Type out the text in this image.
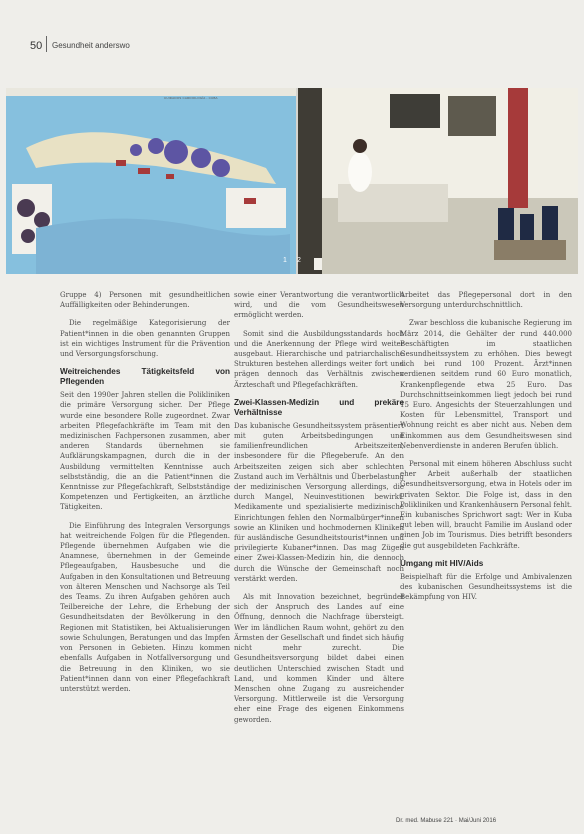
50 Gesundheit anderswo
CUIDADOS CARDIOLOGÍA - CUBA
1	2

Gruppe 4) Personen mit gesundheitlichen Auffälligkeiten oder Behinderungen.

Die regelmäßige Kategorisierung der Patient*innen in die oben genannten Gruppen ist ein wichtiges Instrument für die Prävention und Versorgungsforschung.

Weitreichendes Tätigkeitsfeld von Pflegenden

Seit den 1990er Jahren stellen die Polikliniken die primäre Versorgung sicher. Der Pflege wurde eine besondere Rolle zugeordnet. Zwar arbeiten Pflegefachkräfte im Team mit den medizinischen Fachpersonen zusammen, aber anderen Standards übernehmen sie Aufklärungskampagnen, durch die in der Ausbildung vermittelten Kenntnisse auch selbstständig, die an die Patient*innen die Kenntnisse zur Pflegefachkraft, Selbstständige Kompetenzen und Fertigkeiten, an ärztliche Tätigkeiten.

Die Einführung des Integralen Versorgungs hat weitreichende Folgen für die Pflegenden. Pflegende übernehmen Aufgaben wie die Anamnese, übernehmen in der Gemeinde Pflegeaufgaben, Hausbesuche und die Aufgaben in den Konsultationen und Betreuung von älteren Menschen und Nachsorge als Teil des Teams. Zu ihren Aufgaben gehören auch Teilbereiche der Lehre, die Erhebung der Gesundheitsdaten der Bevölkerung in den Regionen mit Statistiken, bei Aktualisierungen sowie Schulungen, Beratungen und das Impfen von Personen in Gebieten. Hinzu kommen ebenfalls Aufgaben in Notfallversorgung und die Betreuung in den Kliniken, wo sie Patient*innen dann von einer Pflegefachkraft unterstützt werden.

sowie einer Verantwortung die verantwortlich wird, und die vom Gesundheitswesen ermöglicht werden.

Somit sind die Ausbildungsstandards hoch und die Anerkennung der Pflege wird weiter ausgebaut. Hierarchische und patriarchalische Strukturen bestehen allerdings weiter fort und prägen dennoch das Verhältnis zwischen Ärzteschaft und Pflegefachkräften.

Zwei-Klassen-Medizin und prekäre Verhältnisse

Das kubanische Gesundheitssystem präsentiert mit guten Arbeitsbedingungen und familienfreundlichen Arbeitszeiten, insbesondere für die Pflegeberufe. An den Arbeitszeiten zeigen sich aber schlechten Zustand auch im Verhältnis und Überbelastung der medizinischen Versorgung allerdings, die durch Mangel, Neuinvestitionen bewirkt. Medikamente und spezialisierte medizinische Einrichtungen fehlen den Normalbürger*innen sowie an Kliniken und hochmodernen Kliniken für ausländische Gesundheitstourist*innen und privilegierte Kubaner*innen. Das mag Zügen einer Zwei-Klassen-Medizin hin, die dennoch durch die Wünsche der Gemeinschaft noch verstärkt werden.

Als mit Innovation bezeichnet, begründet sich der Anspruch des Landes auf eine Öffnung, dennoch die Nachfrage übersteigt. Wer im ländlichen Raum wohnt, gehört zu den Ärmsten der Gesellschaft und findet sich häufig nicht mehr zurecht. Die Gesundheitsversorgung bildet dabei einen deutlichen Unterschied zwischen Stadt und Land, und kommen Kinder und ältere Menschen ohne Zugang zu ausreichender Versorgung. Mittlerweile ist die Versorgung eher eine Frage des eigenen Einkommens geworden.

Arbeitet das Pflegepersonal dort in den Versorgung unterdurchschnittlich.

Zwar beschloss die kubanische Regierung im März 2014, die Gehälter der rund 440.000 Beschäftigten im staatlichen Gesundheitssystem zu erhöhen. Dies bewegt sich bei rund 100 Prozent. Ärzt*innen verdienen seitdem rund 60 Euro monatlich, Krankenpflegende etwa 25 Euro. Das Durchschnittseinkommen liegt jedoch bei rund 15 Euro. Angesichts der Steuerzahlungen und Kosten für Lebensmittel, Transport und Wohnung reicht es aber nicht aus. Neben dem Einkommen aus dem Gesundheitswesen sind Nebenverdienste in anderen Berufen üblich.

Personal mit einem höheren Abschluss sucht eher Arbeit außerhalb der staatlichen Gesundheitsversorgung, etwa in Hotels oder im privaten Sektor. Die Folge ist, dass in den Polikliniken und Krankenhäusern Personal fehlt. Ein kubanisches Sprichwort sagt: Wer in Kuba gut leben will, braucht Familie im Ausland oder einen Job im Tourismus. Dies betrifft besonders die gut ausgebildeten Fachkräfte.

Umgang mit HIV/Aids

Beispielhaft für die Erfolge und Ambivalenzen des kubanischen Gesundheitssystems ist die Bekämpfung von HIV.

Dr. med. Mabuse 221 · Mai/Juni 2016
